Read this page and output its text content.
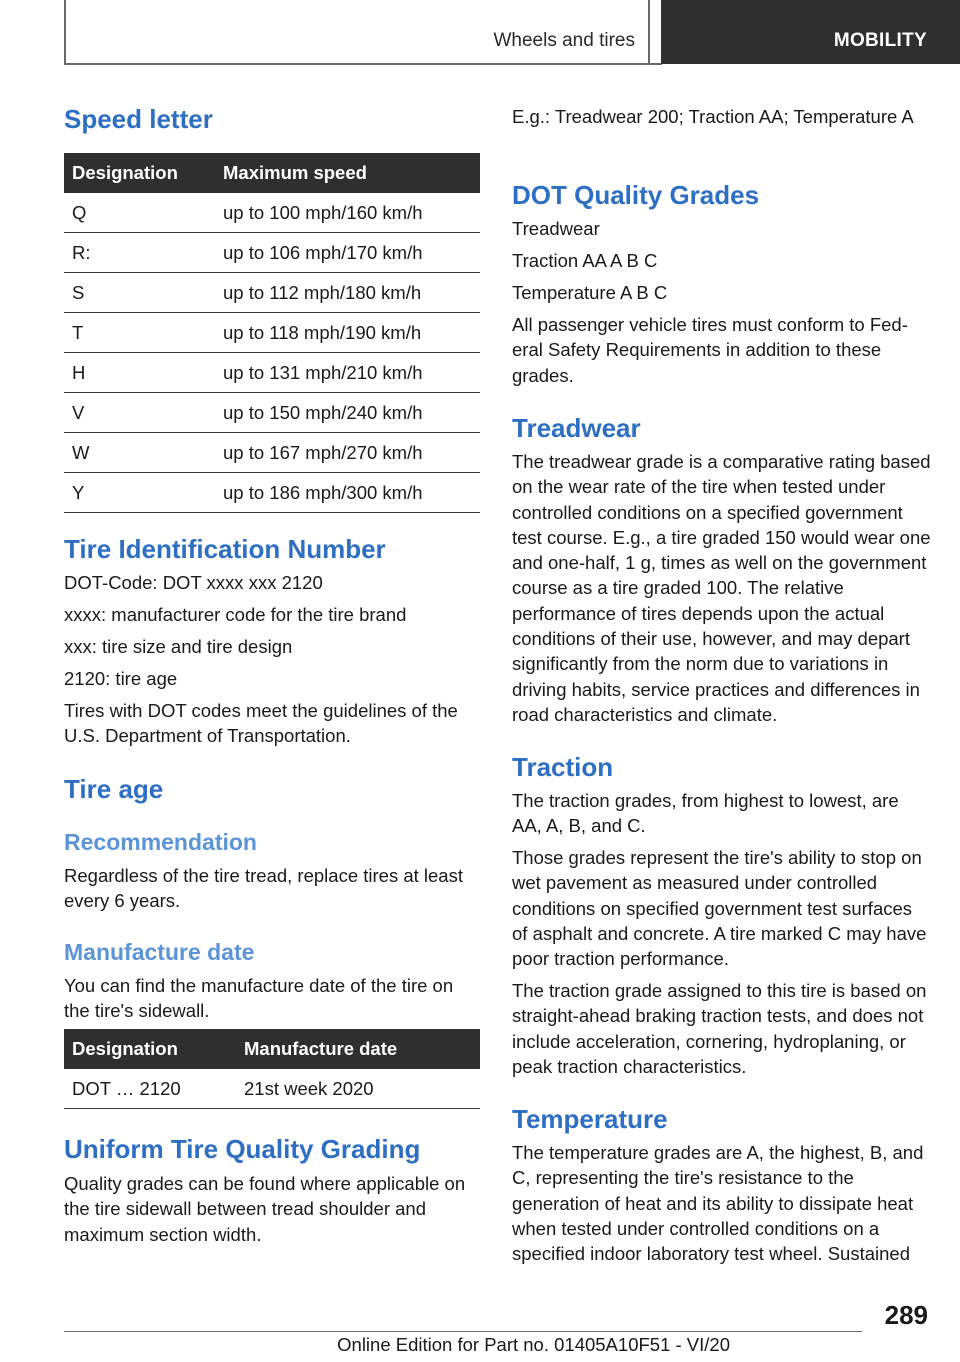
Wheels and tires	MOBILITY
Speed letter
Designation	Maximum speed
Q	up to 100 mph/160 km/h
R:	up to 106 mph/170 km/h
S	up to 112 mph/180 km/h
T	up to 118 mph/190 km/h
H	up to 131 mph/210 km/h
V	up to 150 mph/240 km/h
W	up to 167 mph/270 km/h
Y	up to 186 mph/300 km/h
Tire Identification Number

DOT-Code: DOT xxxx xxx 2120

xxxx: manufacturer code for the tire brand

xxx: tire size and tire design

2120: tire age

Tires with DOT codes meet the guidelines of the U.S. Department of Transportation.

Tire age
Recommendation

Regardless of the tire tread, replace tires at least every 6 years.

Manufacture date

You can find the manufacture date of the tire on the tire's sidewall.

Designation	Manufacture date
DOT … 2120	21st week 2020
Uniform Tire Quality Grading

Quality grades can be found where applicable on the tire sidewall between tread shoulder and maximum section width.

E.g.: Treadwear 200; Traction AA; Temperature A

DOT Quality Grades

Treadwear

Traction AA A B C

Temperature A B C

All passenger vehicle tires must conform to Federal Safety Requirements in addition to these grades.

Treadwear

The treadwear grade is a comparative rating based on the wear rate of the tire when tested under controlled conditions on a specified government test course. E.g., a tire graded 150 would wear one and one-half, 1 g, times as well on the government course as a tire graded 100. The relative performance of tires depends upon the actual conditions of their use, however, and may depart significantly from the norm due to variations in driving habits, service practices and differences in road characteristics and climate.

Traction

The traction grades, from highest to lowest, are AA, A, B, and C.

Those grades represent the tire's ability to stop on wet pavement as measured under controlled conditions on specified government test surfaces of asphalt and concrete. A tire marked C may have poor traction performance.

The traction grade assigned to this tire is based on straight-ahead braking traction tests, and does not include acceleration, cornering, hydroplaning, or peak traction characteristics.

Temperature

The temperature grades are A, the highest, B, and C, representing the tire's resistance to the generation of heat and its ability to dissipate heat when tested under controlled conditions on a specified indoor laboratory test wheel. Sustained

289
Online Edition for Part no. 01405A10F51 - VI/20
